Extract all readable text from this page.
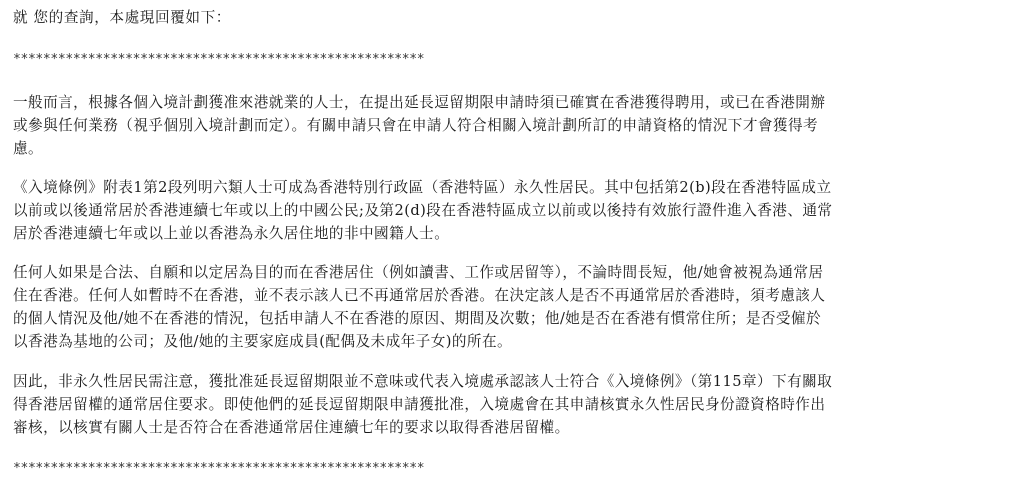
就 您的查詢，本處現回覆如下：
*******************************************************
一般而言，根據各個入境計劃獲准來港就業的人士，在提出延長逗留期限申請時須已確實在香港獲得聘用，或已在香港開辦
或參與任何業務（視乎個別入境計劃而定）。有關申請只會在申請人符合相關入境計劃所訂的申請資格的情況下才會獲得考
慮。
《入境條例》附表1第2段列明六類人士可成為香港特別行政區（香港特區）永久性居民。其中包括第2(b)段在香港特區成立
以前或以後通常居於香港連續七年或以上的中國公民;及第2(d)段在香港特區成立以前或以後持有效旅行證件進入香港、通常
居於香港連續七年或以上並以香港為永久居住地的非中國籍人士。
任何人如果是合法、自願和以定居為目的而在香港居住（例如讀書、工作或居留等），不論時間長短，他/她會被視為通常居
住在香港。任何人如暫時不在香港，並不表示該人已不再通常居於香港。在決定該人是否不再通常居於香港時，須考慮該人
的個人情況及他/她不在香港的情況，包括申請人不在香港的原因、期間及次數；他/她是否在香港有慣常住所；是否受僱於
以香港為基地的公司；及他/她的主要家庭成員(配偶及未成年子女)的所在。
因此，非永久性居民需注意，獲批准延長逗留期限並不意味或代表入境處承認該人士符合《入境條例》（第115章）下有關取
得香港居留權的通常居住要求。即使他們的延長逗留期限申請獲批准，入境處會在其申請核實永久性居民身份證資格時作出
審核，以核實有關人士是否符合在香港通常居住連續七年的要求以取得香港居留權。
*******************************************************
